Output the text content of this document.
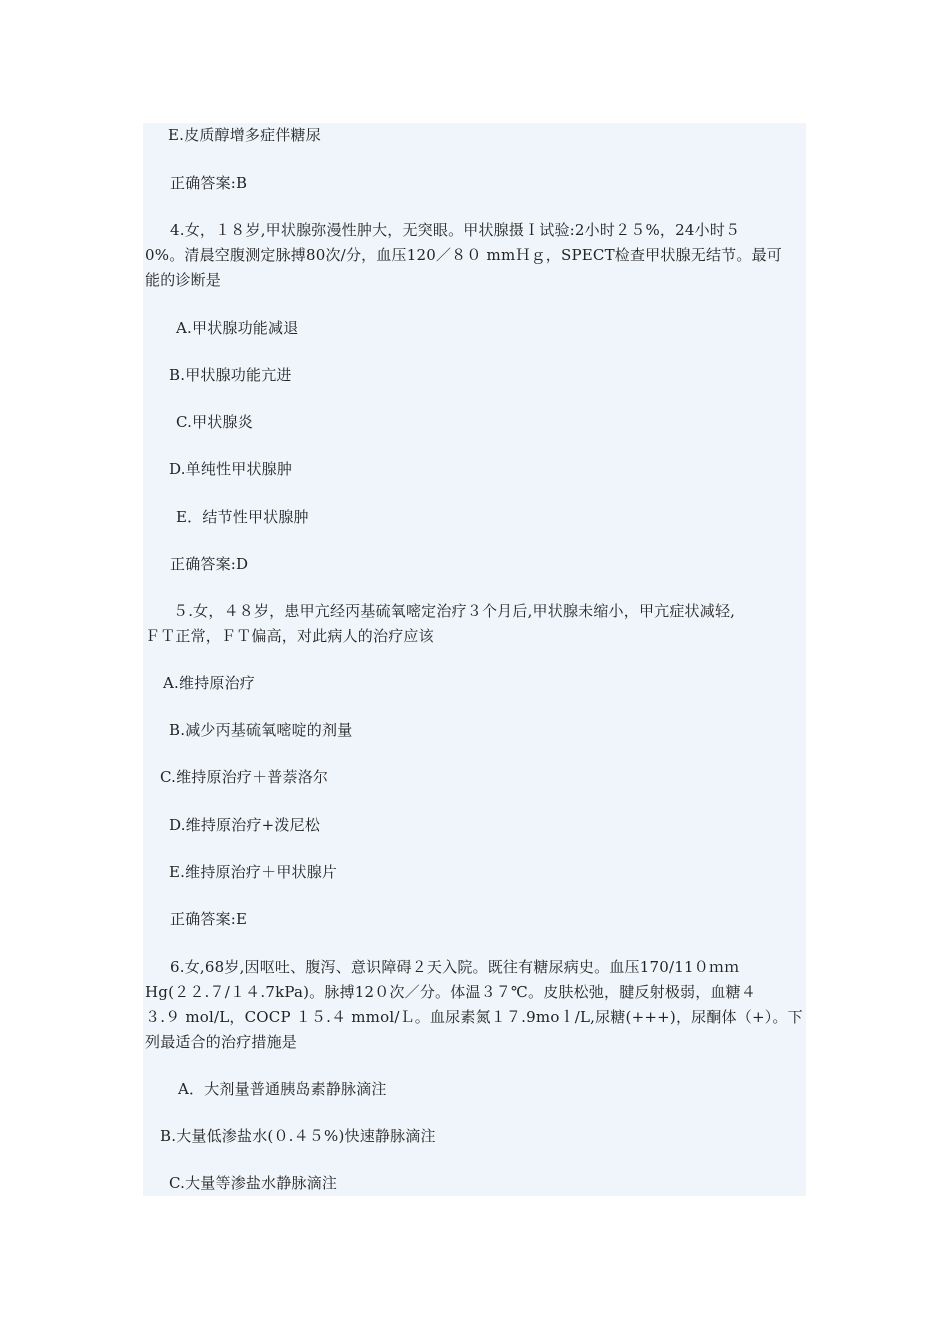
E.皮质醇增多症伴糖尿
正确答案:B
4.女，１８岁,甲状腺弥漫性肿大，无突眼。甲状腺摄Ｉ试验:2小时２５%，24小时５
0%。清晨空腹测定脉搏80次/分，血压120／８０ mmＨｇ，SPECT检查甲状腺无结节。最可
能的诊断是
A.甲状腺功能减退
B.甲状腺功能亢进
C.甲状腺炎
D.单纯性甲状腺肿
E．结节性甲状腺肿
正确答案:D
５.女，４８岁，患甲亢经丙基硫氧嘧定治疗３个月后,甲状腺未缩小，甲亢症状减轻,
ＦＴ正常，ＦＴ偏高，对此病人的治疗应该
A.维持原治疗
B.减少丙基硫氧嘧啶的剂量
C.维持原治疗＋普萘洛尔
D.维持原治疗+泼尼松
E.维持原治疗＋甲状腺片
正确答案:E
6.女,68岁,因呕吐、腹泻、意识障碍２天入院。既往有糖尿病史。血压170/11０ｍｍ
Hg(２２.７/１４.7kPa)。脉搏12０次／分。体温３７℃。皮肤松弛，腱反射极弱，血糖４
３.９ mol/L，COCP １５.４ mmol/Ｌ。血尿素氮１７.9moｌ/L,尿糖(+++)，尿酮体（+）。下
列最适合的治疗措施是
A．大剂量普通胰岛素静脉滴注
B.大量低渗盐水(０.４５%)快速静脉滴注
C.大量等渗盐水静脉滴注
